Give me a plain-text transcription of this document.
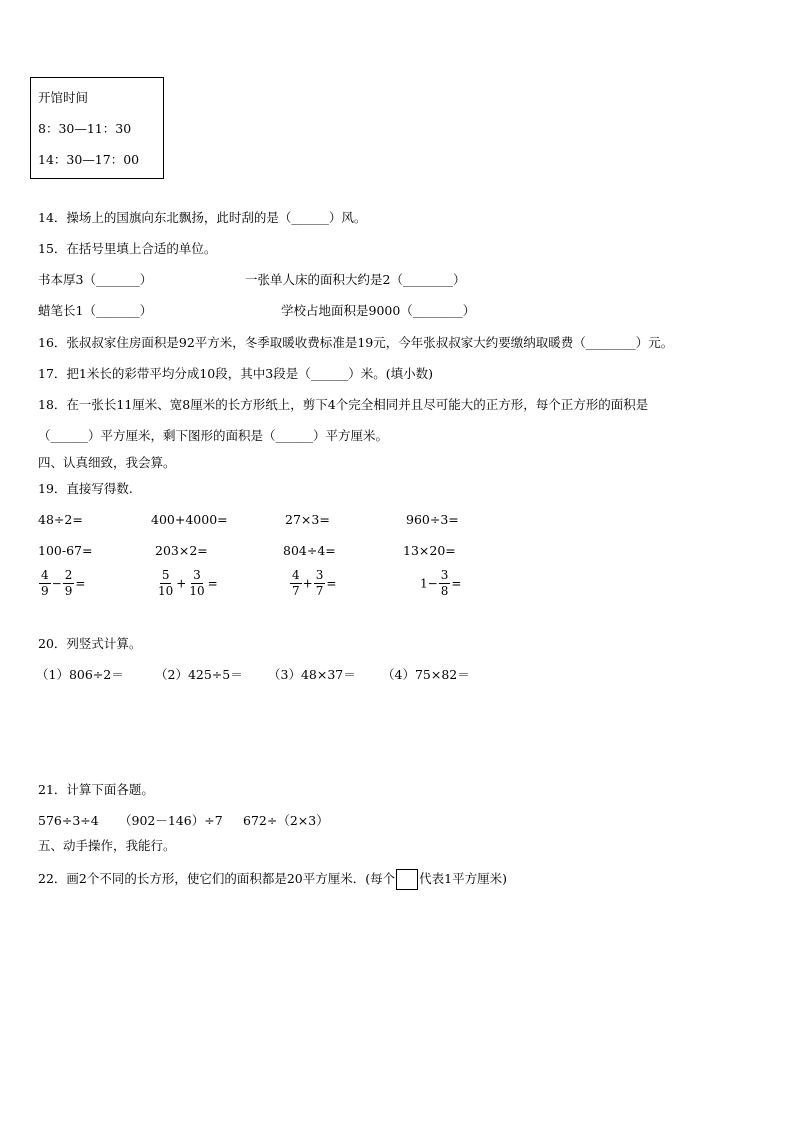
开馆时间
8：30—11：30
14：30—17：00
14．操场上的国旗向东北飘扬，此时刮的是（______）风。
15．在括号里填上合适的单位。
书本厚3（_______）	一张单人床的面积大约是2（________）
蜡笔长1（_______）	学校占地面积是9000（________）
16．张叔叔家住房面积是92平方米，冬季取暖收费标准是19元，今年张叔叔家大约要缴纳取暖费（________）元。
17．把1米长的彩带平均分成10段，其中3段是（______）米。(填小数)
18．在一张长11厘米、宽8厘米的长方形纸上，剪下4个完全相同并且尽可能大的正方形，每个正方形的面积是
（______）平方厘米，剩下图形的面积是（______）平方厘米。
四、认真细致，我会算。
19．直接写得数.
48÷2=	400+4000=	27×3=	960÷3=
100-67=	203×2=	804÷4=	13×20=
$\frac{4}{9} - \frac{2}{9}$ =	$\frac{5}{10} + \frac{3}{10}$ =	$\frac{4}{7} + \frac{3}{7}$ =	$1- \frac{3}{8}$ =
20．列竖式计算。
（1）806÷2＝	（2）425÷5＝ （3）48×37＝ （4）75×82＝
21．计算下面各题。
576÷3÷4 （902－146）÷7 672÷（2×3）
五、动手操作，我能行。
22．画2个不同的长方形，使它们的面积都是20平方厘米．(每个 代表1平方厘米)
